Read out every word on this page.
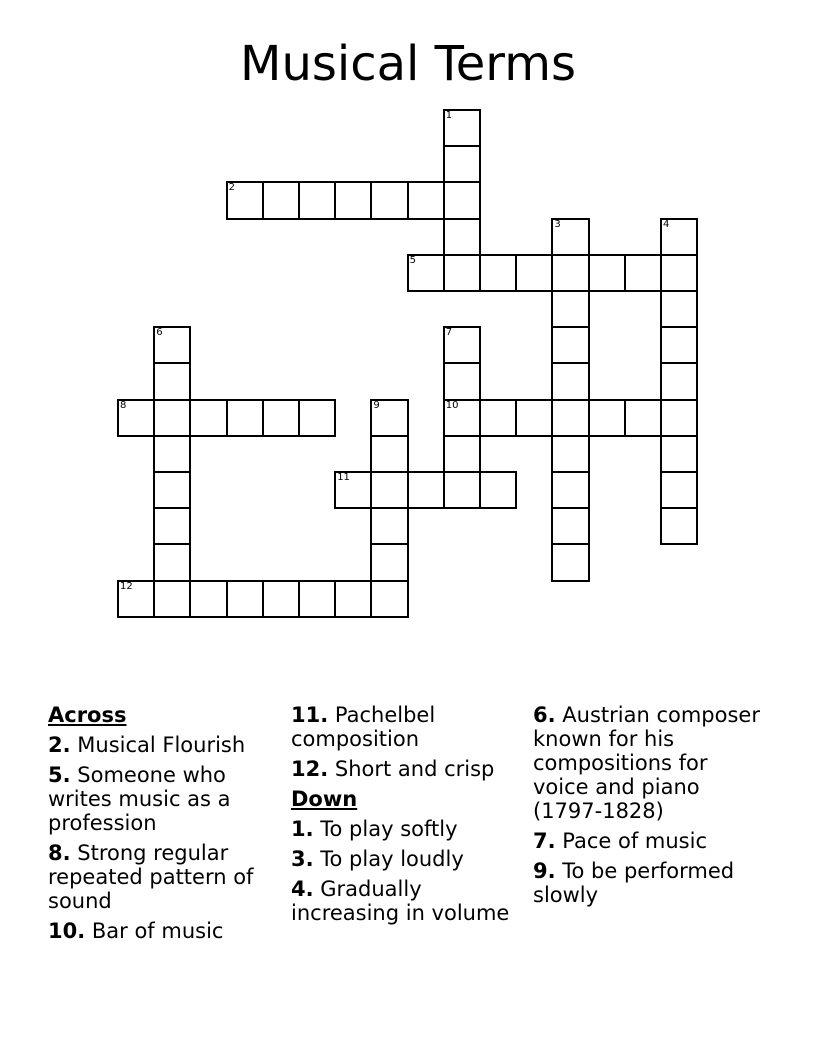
Musical Terms
1
2
3	4
5
6	7
10
8	9
11
12
Across
2. Musical Flourish
5. Someone who writes music as a profession
8. Strong regular repeated pattern of sound
10. Bar of music
11. Pachelbel composition
12. Short and crisp
Down
1. To play softly
3. To play loudly
4. Gradually increasing in volume
6. Austrian composer known for his compositions for voice and piano (1797-1828)
7. Pace of music
9. To be performed slowly
